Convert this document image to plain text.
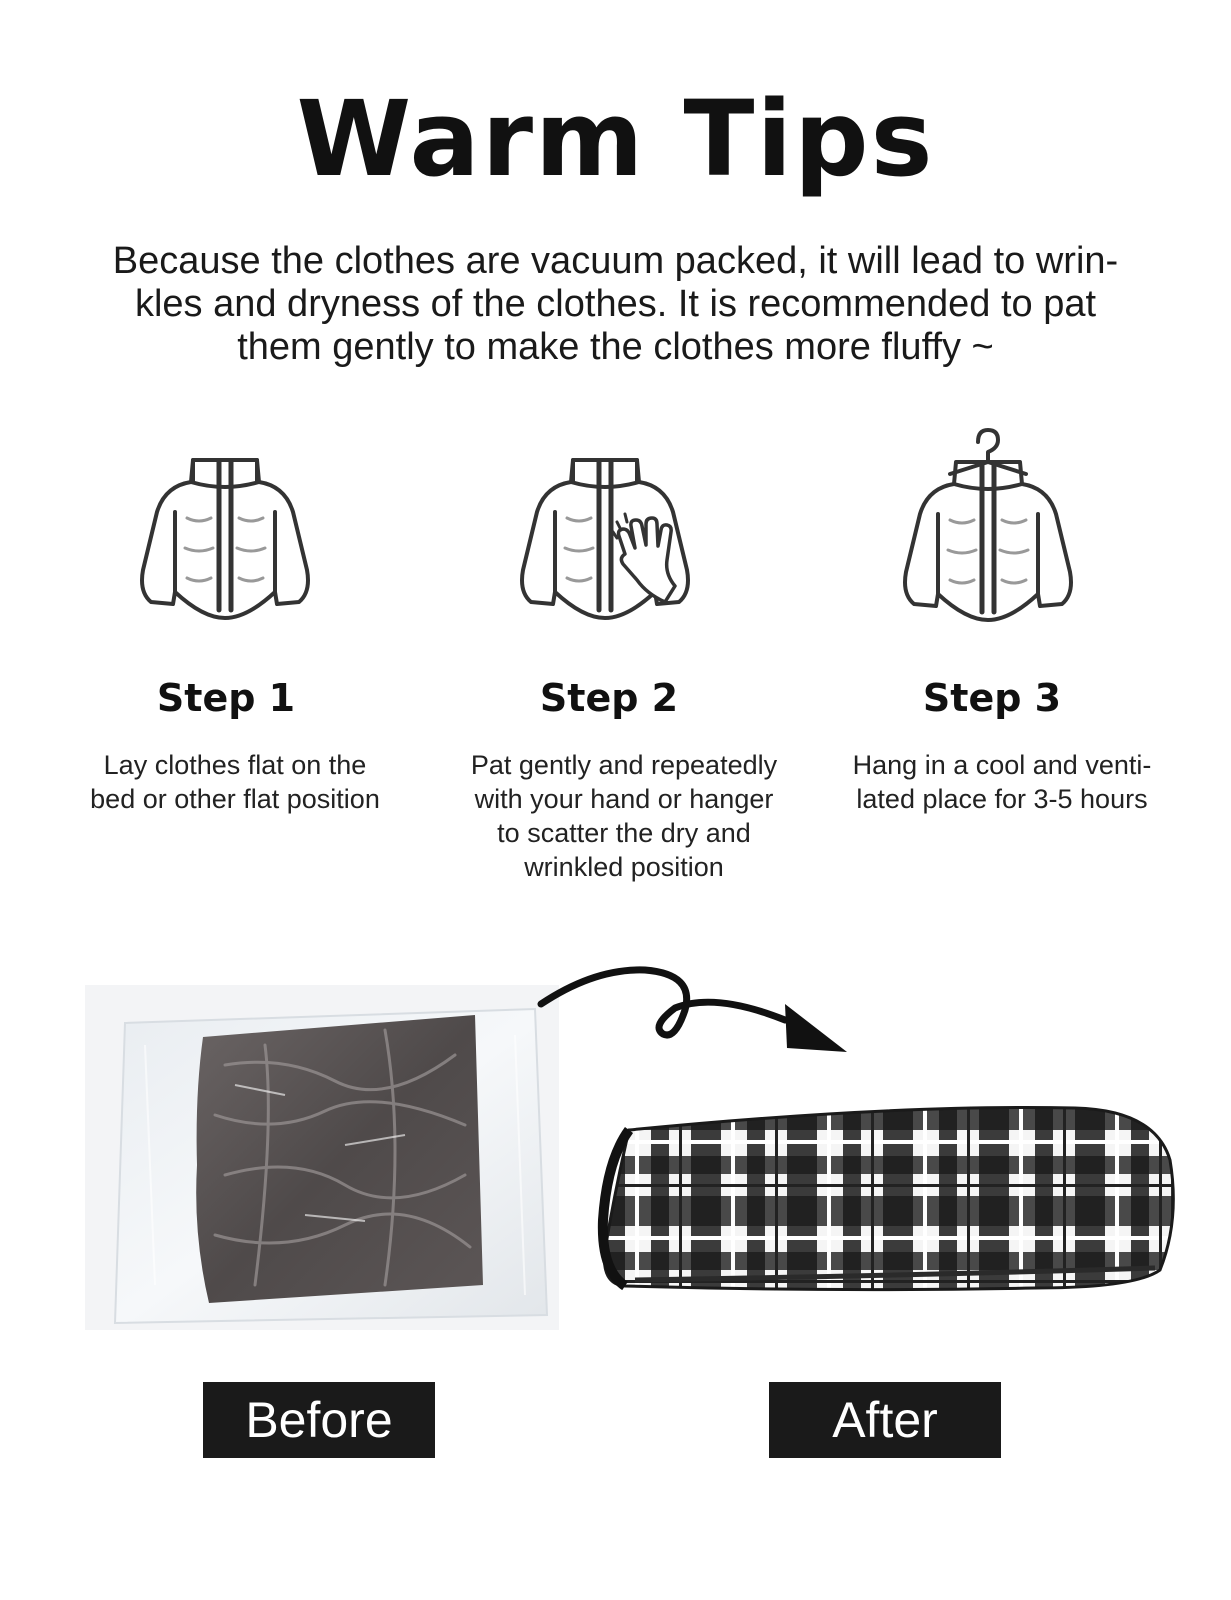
Warm Tips
Because the clothes are vacuum packed, it will lead to wrin-
kles and dryness of the clothes. It is recommended to pat
them gently to make the clothes more fluffy ~
Step 1	Step 2	Step 3
Lay clothes flat on the
bed or other flat position
Pat gently and repeatedly
with your hand or hanger
to scatter the dry and
wrinkled position
Hang in a cool and venti-
lated place for 3-5 hours
Before	After
